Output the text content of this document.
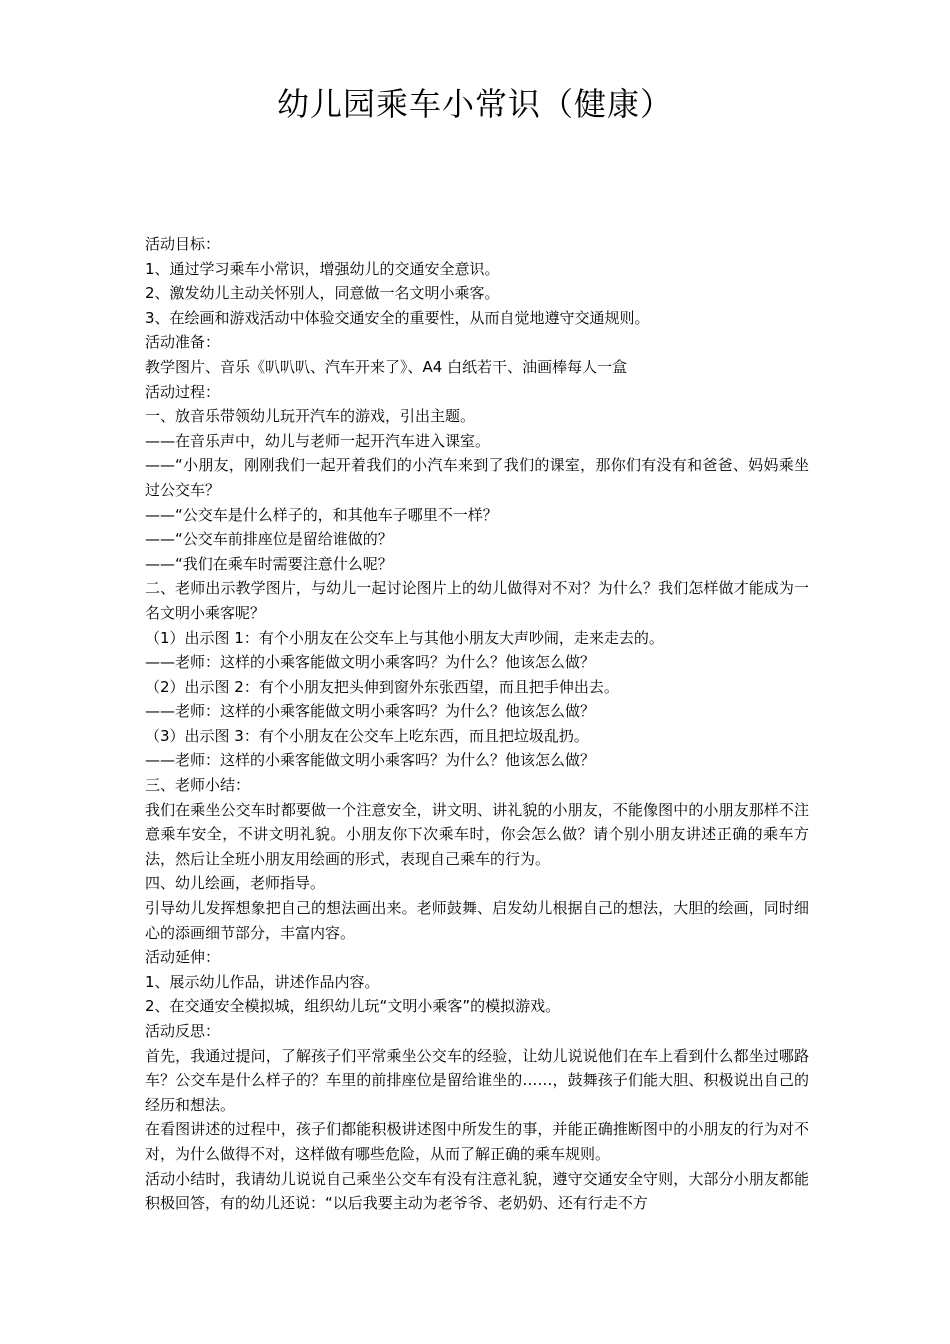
幼儿园乘车小常识（健康）

活动目标：

1、通过学习乘车小常识，增强幼儿的交通安全意识。

2、激发幼儿主动关怀别人，同意做一名文明小乘客。

3、在绘画和游戏活动中体验交通安全的重要性，从而自觉地遵守交通规则。

活动准备：

教学图片、音乐《叭叭叭、汽车开来了》、A4 白纸若干、油画棒每人一盒

活动过程：

一、放音乐带领幼儿玩开汽车的游戏，引出主题。

——在音乐声中，幼儿与老师一起开汽车进入课室。

——“小朋友，刚刚我们一起开着我们的小汽车来到了我们的课室，那你们有没有和爸爸、妈妈乘坐过公交车？

——“公交车是什么样子的，和其他车子哪里不一样？

——“公交车前排座位是留给谁做的？

——“我们在乘车时需要注意什么呢？

二、老师出示教学图片，与幼儿一起讨论图片上的幼儿做得对不对？为什么？我们怎样做才能成为一名文明小乘客呢？

（1）出示图 1：有个小朋友在公交车上与其他小朋友大声吵闹，走来走去的。

——老师：这样的小乘客能做文明小乘客吗？为什么？他该怎么做？

（2）出示图 2：有个小朋友把头伸到窗外东张西望，而且把手伸出去。

——老师：这样的小乘客能做文明小乘客吗？为什么？他该怎么做？

（3）出示图 3：有个小朋友在公交车上吃东西，而且把垃圾乱扔。

——老师：这样的小乘客能做文明小乘客吗？为什么？他该怎么做？

三、老师小结：

我们在乘坐公交车时都要做一个注意安全，讲文明、讲礼貌的小朋友，不能像图中的小朋友那样不注意乘车安全，不讲文明礼貌。小朋友你下次乘车时，你会怎么做？请个别小朋友讲述正确的乘车方法，然后让全班小朋友用绘画的形式，表现自己乘车的行为。

四、幼儿绘画，老师指导。

引导幼儿发挥想象把自己的想法画出来。老师鼓舞、启发幼儿根据自己的想法，大胆的绘画，同时细心的添画细节部分，丰富内容。

活动延伸：

1、展示幼儿作品，讲述作品内容。

2、在交通安全模拟城，组织幼儿玩“文明小乘客”的模拟游戏。

活动反思：

首先，我通过提问，了解孩子们平常乘坐公交车的经验，让幼儿说说他们在车上看到什么都坐过哪路车？公交车是什么样子的？车里的前排座位是留给谁坐的……，鼓舞孩子们能大胆、积极说出自己的经历和想法。

在看图讲述的过程中，孩子们都能积极讲述图中所发生的事，并能正确推断图中的小朋友的行为对不对，为什么做得不对，这样做有哪些危险，从而了解正确的乘车规则。

活动小结时，我请幼儿说说自己乘坐公交车有没有注意礼貌，遵守交通安全守则，大部分小朋友都能积极回答，有的幼儿还说：“以后我要主动为老爷爷、老奶奶、还有行走不方
